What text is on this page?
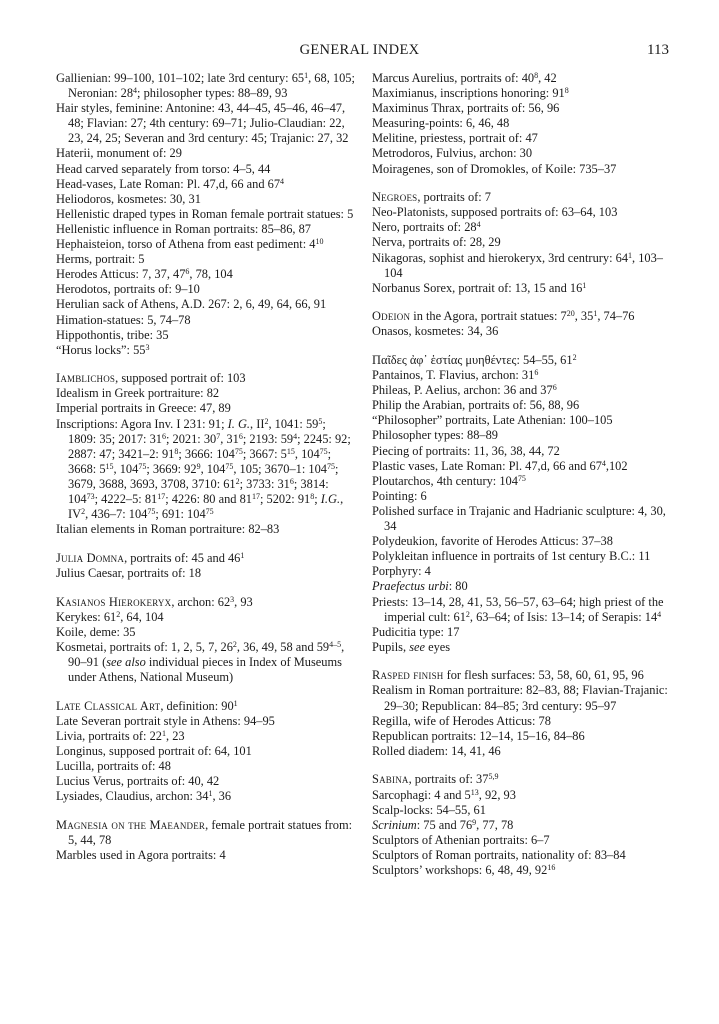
GENERAL INDEX	113
Gallienian: 99–100, 101–102; late 3rd century: $65^1$, 68, 105; Neronian: $28^4$; philosopher types: 88–89, 93
Hair styles, feminine: Antonine: 43, 44–45, 45–46, 46–47, 48; Flavian: 27; 4th century: 69–71; Julio-Claudian: 22, 23, 24, 25; Severan and 3rd century: 45; Trajanic: 27, 32
Haterii, monument of: 29
Head carved separately from torso: 4–5, 44
Head-vases, Late Roman: Pl. 47,d, 66 and $67^4$
Heliodoros, kosmetes: 30, 31
Hellenistic draped types in Roman female portrait statues: 5
Hellenistic influence in Roman portraits: 85–86, 87
Hephaisteion, torso of Athena from east pediment: $4^{10}$
Herms, portrait: 5
Herodes Atticus: 7, 37, $47^6$, 78, 104
Herodotos, portraits of: 9–10
Herulian sack of Athens, A.D. 267: 2, 6, 49, 64, 66, 91
Himation-statues: 5, 74–78
Hippothontis, tribe: 35
“Horus locks”: $55^3$
Iamblichos, supposed portrait of: 103
Idealism in Greek portraiture: 82
Imperial portraits in Greece: 47, 89
Inscriptions: Agora Inv. I 231: 91; I. G., $II^2$, 1041: $59^5$; 1809: 35; 2017: $31^6$; 2021: $30^7$, $31^6$; 2193: $59^4$; 2245: 92; 2887: 47; 3421–2: $91^8$; 3666: $104^{75}$; 3667: $5^{15}$, $104^{75}$; 3668: $5^{15}$, $104^{75}$; 3669: $92^9$, $104^{75}$, 105; 3670–1: $104^{75}$; 3679, 3688, 3693, 3708, 3710: $61^2$; 3733: $31^6$; 3814: $104^{73}$; 4222–5: $81^{17}$; 4226: 80 and $81^{17}$; 5202: $91^8$; I.G., $IV^2$, 436–7: $104^{75}$; 691: $104^{75}$
Italian elements in Roman portraiture: 82–83
Julia Domna, portraits of: 45 and $46^1$
Julius Caesar, portraits of: 18
Kasianos Hierokeryx, archon: $62^3$, 93
Kerykes: $61^2$, 64, 104
Koile, deme: 35
Kosmetai, portraits of: 1, 2, 5, 7, $26^2$, 36, 49, 58 and 59$^{4-5}$, 90–91 (see also individual pieces in Index of Museums under Athens, National Museum)
Late Classical Art, definition: $90^1$
Late Severan portrait style in Athens: 94–95
Livia, portraits of: $22^1$, 23
Longinus, supposed portrait of: 64, 101
Lucilla, portraits of: 48
Lucius Verus, portraits of: 40, 42
Lysiades, Claudius, archon: $34^1$, 36
Magnesia on the Maeander, female portrait statues from: 5, 44, 78
Marbles used in Agora portraits: 4
Marcus Aurelius, portraits of: $40^8$, 42
Maximianus, inscriptions honoring: $91^8$
Maximinus Thrax, portraits of: 56, 96
Measuring-points: 6, 46, 48
Melitine, priestess, portrait of: 47
Metrodoros, Fulvius, archon: 30
Moiragenes, son of Dromokles, of Koile: 735–37
Negroes, portraits of: 7
Neo-Platonists, supposed portraits of: 63–64, 103
Nero, portraits of: $28^4$
Nerva, portraits of: 28, 29
Nikagoras, sophist and hierokeryx, 3rd centrury: $64^1$, 103–104
Norbanus Sorex, portrait of: 13, 15 and $16^1$
Odeion in the Agora, portrait statues: $7^{20}$, $35^1$, 74–76
Onasos, kosmetes: 34, 36
Παῖδες ἀφ᾽ ἑστίας μυηθέντες: 54–55, $61^2$
Pantainos, T. Flavius, archon: $31^6$
Phileas, P. Aelius, archon: 36 and $37^6$
Philip the Arabian, portraits of: 56, 88, 96
“Philosopher” portraits, Late Athenian: 100–105
Philosopher types: 88–89
Piecing of portraits: 11, 36, 38, 44, 72
Plastic vases, Late Roman: Pl. 47,d, 66 and $67^4,102$
Ploutarchos, 4th century: $104^{75}$
Pointing: 6
Polished surface in Trajanic and Hadrianic sculpture: 4, 30, 34
Polydeukion, favorite of Herodes Atticus: 37–38
Polykleitan influence in portraits of 1st century B.C.: 11
Porphyry: 4
Praefectus urbi: 80
Priests: 13–14, 28, 41, 53, 56–57, 63–64; high priest of the imperial cult: $61^2$, 63–64; of Isis: 13–14; of Serapis: $14^4$
Pudicitia type: 17
Pupils, see eyes
Rasped finish for flesh surfaces: 53, 58, 60, 61, 95, 96
Realism in Roman portraiture: 82–83, 88; Flavian-Trajanic: 29–30; Republican: 84–85; 3rd century: 95–97
Regilla, wife of Herodes Atticus: 78
Republican portraits: 12–14, 15–16, 84–86
Rolled diadem: 14, 41, 46
Sabina, portraits of: 37$^{5,9}$
Sarcophagi: 4 and $5^{13}$, 92, 93
Scalp-locks: 54–55, 61
Scrinium: 75 and $76^9$, 77, 78
Sculptors of Athenian portraits: 6–7
Sculptors of Roman portraits, nationality of: 83–84
Sculptors’ workshops: 6, 48, 49, $92^{16}$
